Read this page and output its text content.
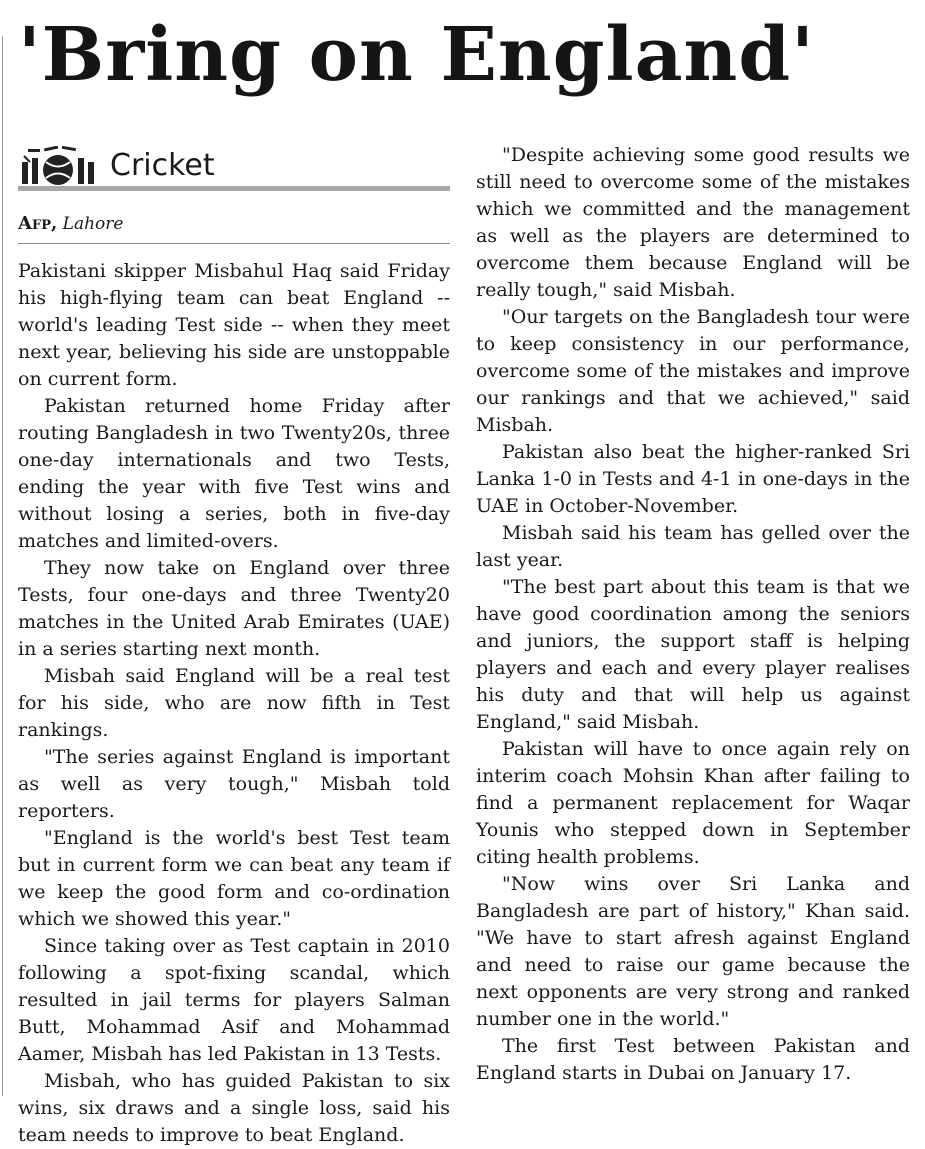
'Bring on England'
Cricket
Afp, Lahore

Pakistani skipper Misbahul Haq said Friday his high-flying team can beat England -- world's leading Test side -- when they meet next year, believing his side are unstoppable on current form.

Pakistan returned home Friday after routing Bangladesh in two Twenty20s, three one-day internationals and two Tests, ending the year with five Test wins and without losing a series, both in five-day matches and limited-overs.

They now take on England over three Tests, four one-days and three Twenty20 matches in the United Arab Emirates (UAE) in a series starting next month.

Misbah said England will be a real test for his side, who are now fifth in Test rankings.

"The series against England is important as well as very tough," Misbah told reporters.

"England is the world's best Test team but in current form we can beat any team if we keep the good form and co-ordination which we showed this year."

Since taking over as Test captain in 2010 following a spot-fixing scandal, which resulted in jail terms for players Salman Butt, Mohammad Asif and Mohammad Aamer, Misbah has led Pakistan in 13 Tests.

Misbah, who has guided Pakistan to six wins, six draws and a single loss, said his team needs to improve to beat England.

"Despite achieving some good results we still need to overcome some of the mistakes which we committed and the management as well as the players are determined to overcome them because England will be really tough," said Misbah.

"Our targets on the Bangladesh tour were to keep consistency in our performance, overcome some of the mistakes and improve our rankings and that we achieved," said Misbah.

Pakistan also beat the higher-ranked Sri Lanka 1-0 in Tests and 4-1 in one-days in the UAE in October-November.

Misbah said his team has gelled over the last year.

"The best part about this team is that we have good coordination among the seniors and juniors, the support staff is helping players and each and every player realises his duty and that will help us against England," said Misbah.

Pakistan will have to once again rely on interim coach Mohsin Khan after failing to find a permanent replacement for Waqar Younis who stepped down in September citing health problems.

"Now wins over Sri Lanka and Bangladesh are part of history," Khan said. "We have to start afresh against England and need to raise our game because the next opponents are very strong and ranked number one in the world."

The first Test between Pakistan and England starts in Dubai on January 17.
